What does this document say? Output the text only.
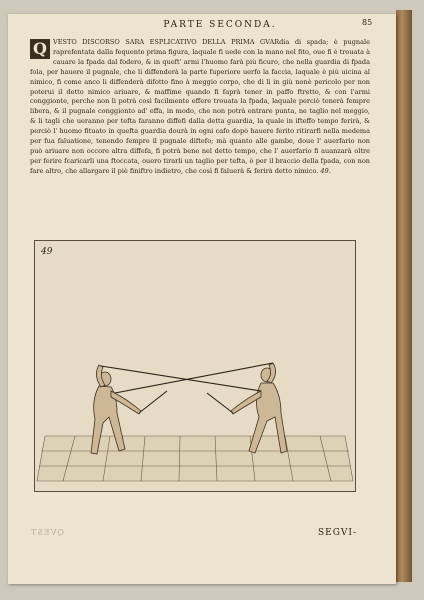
PARTE SECONDA.	85
Q VESTO DISCORSO SARA ESPLICATIVO DELLA PRIMA GVARdia di spada; è pugnale raprefentata dalla fequente prima figura, laquale fi uede con la mano nel fito, oue fi è trouata à cauare la fpada dal fodero, & in queft' armi l'huomo farà più ficuro, che nella guardia di fpada fola, per hauere il pugnale, che li diffenderà la parte fuperiore uerfo la faccia, laquale è più uicina al nimico, fi come anco li diffenderà difotto fino à meggio corpo, che di lì in giù nonè pericolo per non poterui il detto nimico ariuare, & maffime quando fi faprà tener in paffo ftretto, & con l'armi conggionte, perche non li potrà così facilmente effere trouata la fpada, laquale perciò tenerà fempre libera, & il pugnale conggionto ad' effa, in modo, che non potrà entrare punta, ne taglio nel meggio, & li tagli che ueranno per tefta faranno diffefi dalla detta guardia, la quale in ifteffo tempo ferirà, & perciò l' huomo fituato in quefta guardia dourà in ogni cafo dopò hauere ferito ritirarfi nella medema per fua faluatione, tenendo fempre il pugnale diftefo; mà quanto alle gambe, doue l' auerfario non può ariuare non occore altra diffefa, fi potrà bene nel detto tempo, che l' auerfario fi auanzarà oltre per ferire fcaricarli una ftoccata, ouero tirarli un taglio per tefta, ò per il braccio della fpada, con non fare altro, che allargare il piè finiftro indietro, che così fi faluerà & ferirà detto nimico. 49.
49
QVEST	SEGVI-
